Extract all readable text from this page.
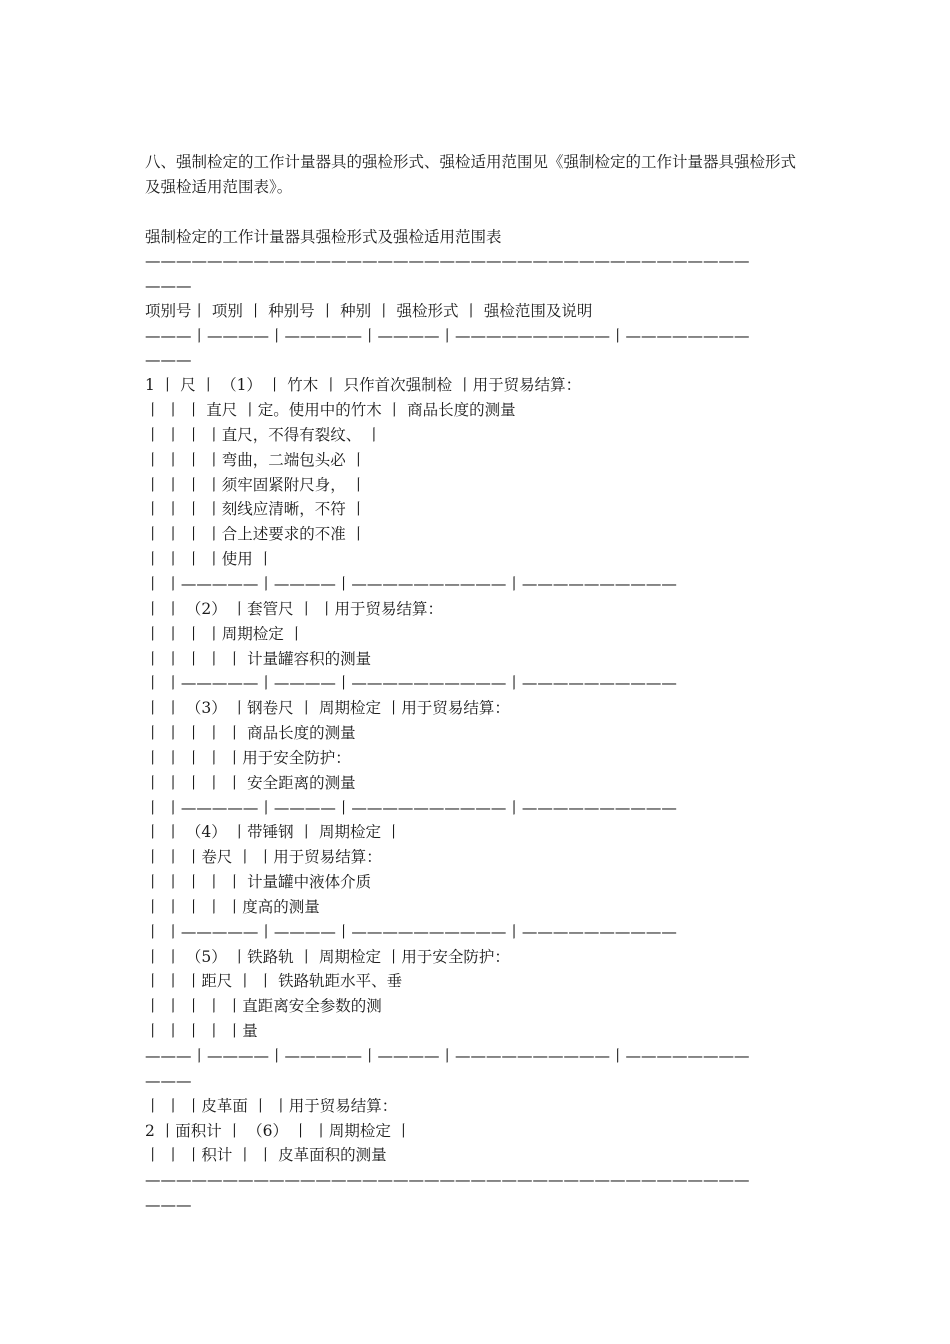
八、强制检定的工作计量器具的强检形式、强检适用范围见《强制检定的工作计量器具强检形式及强检适用范围表》。

强制检定的工作计量器具强检形式及强检适用范围表

———————————————————————————————————————
———
项别号丨 项别 丨 种别号 丨 种别 丨 强检形式 丨 强检范围及说明
———丨————丨—————丨————丨——————————丨————————
———
1 丨 尺 丨 （1） 丨 竹木 丨 只作首次强制检 丨用于贸易结算：
丨 丨 丨 直尺 丨定。使用中的竹木 丨 商品长度的测量
丨 丨 丨 丨直尺，不得有裂纹、 丨
丨 丨 丨 丨弯曲，二端包头必 丨
丨 丨 丨 丨须牢固紧附尺身， 丨
丨 丨 丨 丨刻线应清晰，不符 丨
丨 丨 丨 丨合上述要求的不准 丨
丨 丨 丨 丨使用 丨
丨 丨—————丨————丨——————————丨——————————
丨 丨 （2） 丨套管尺 丨 丨用于贸易结算：
丨 丨 丨 丨周期检定 丨
丨 丨 丨 丨 丨 计量罐容积的测量
丨 丨—————丨————丨——————————丨——————————
丨 丨 （3） 丨钢卷尺 丨 周期检定 丨用于贸易结算：
丨 丨 丨 丨 丨 商品长度的测量
丨 丨 丨 丨 丨用于安全防护：
丨 丨 丨 丨 丨 安全距离的测量
丨 丨—————丨————丨——————————丨——————————
丨 丨 （4） 丨带锤钢 丨 周期检定 丨
丨 丨 丨卷尺 丨 丨用于贸易结算：
丨 丨 丨 丨 丨 计量罐中液体介质
丨 丨 丨 丨 丨度高的测量
丨 丨—————丨————丨——————————丨——————————
丨 丨 （5） 丨铁路轨 丨 周期检定 丨用于安全防护：
丨 丨 丨距尺 丨 丨 铁路轨距水平、垂
丨 丨 丨 丨 丨直距离安全参数的测
丨 丨 丨 丨 丨量
———丨————丨—————丨————丨——————————丨————————
———
丨 丨 丨皮革面 丨 丨用于贸易结算：
2 丨面积计 丨 （6） 丨 丨周期检定 丨
丨 丨 丨积计 丨 丨 皮革面积的测量
———————————————————————————————————————
———
